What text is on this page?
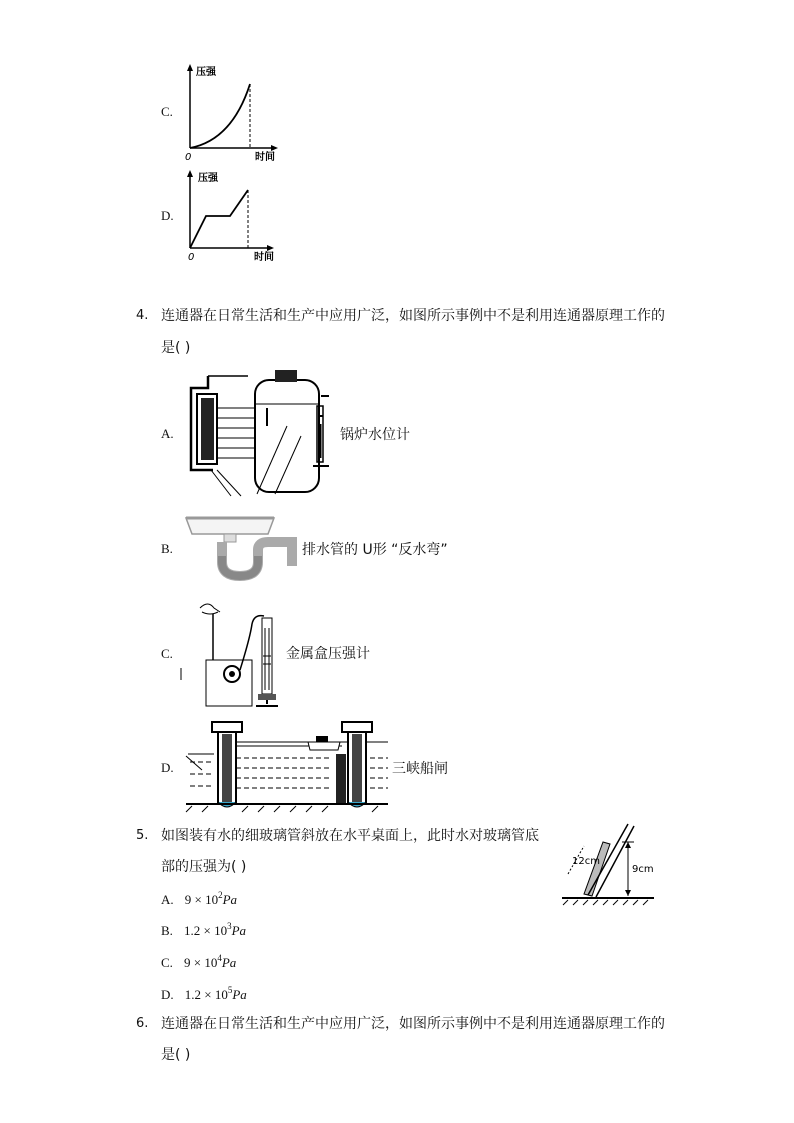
C.
压强
0	时间
D.
压强
0	时间
4. 连通器在日常生活和生产中应用广泛，如图所示事例中不是利用连通器原理工作的
是( )
A.	锅炉水位计
B.	排水管的 U形 “反水弯”
C.	金属盒压强计
D.	三峡船闸
5. 如图装有水的细玻璃管斜放在水平桌面上，此时水对玻璃管底
部的压强为( )	12cm
9cm
A. $9 \times 10^2Pa$
B. $1.2 \times 10^3Pa$
C. $9 \times 10^4Pa$
D. $1.2 \times 10^5Pa$
6. 连通器在日常生活和生产中应用广泛，如图所示事例中不是利用连通器原理工作的
是( )
